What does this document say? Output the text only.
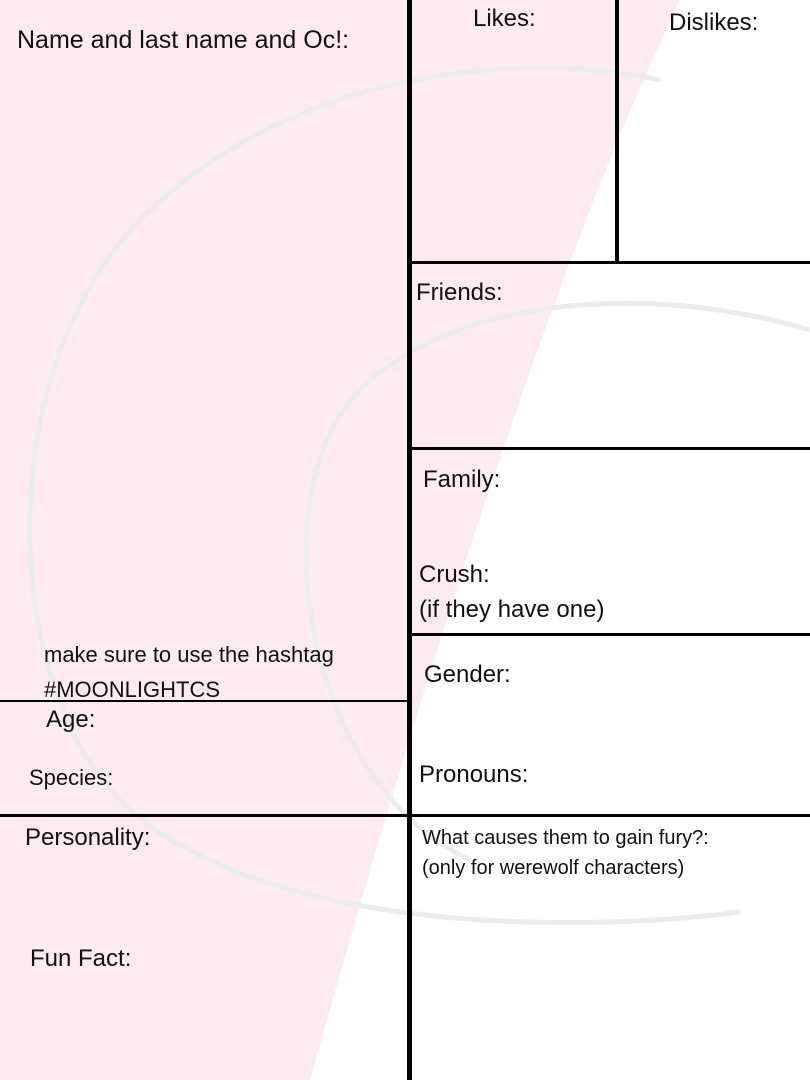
Name and last name and Oc!:
Likes:	Dislikes:
Friends:
Family:
Crush:
(if they have one)
make sure to use the hashtag
#MOONLIGHTCS
Age:
Species:
Gender:
Pronouns:
Personality:	What causes them to gain fury?:
(only for werewolf characters)
Fun Fact:
